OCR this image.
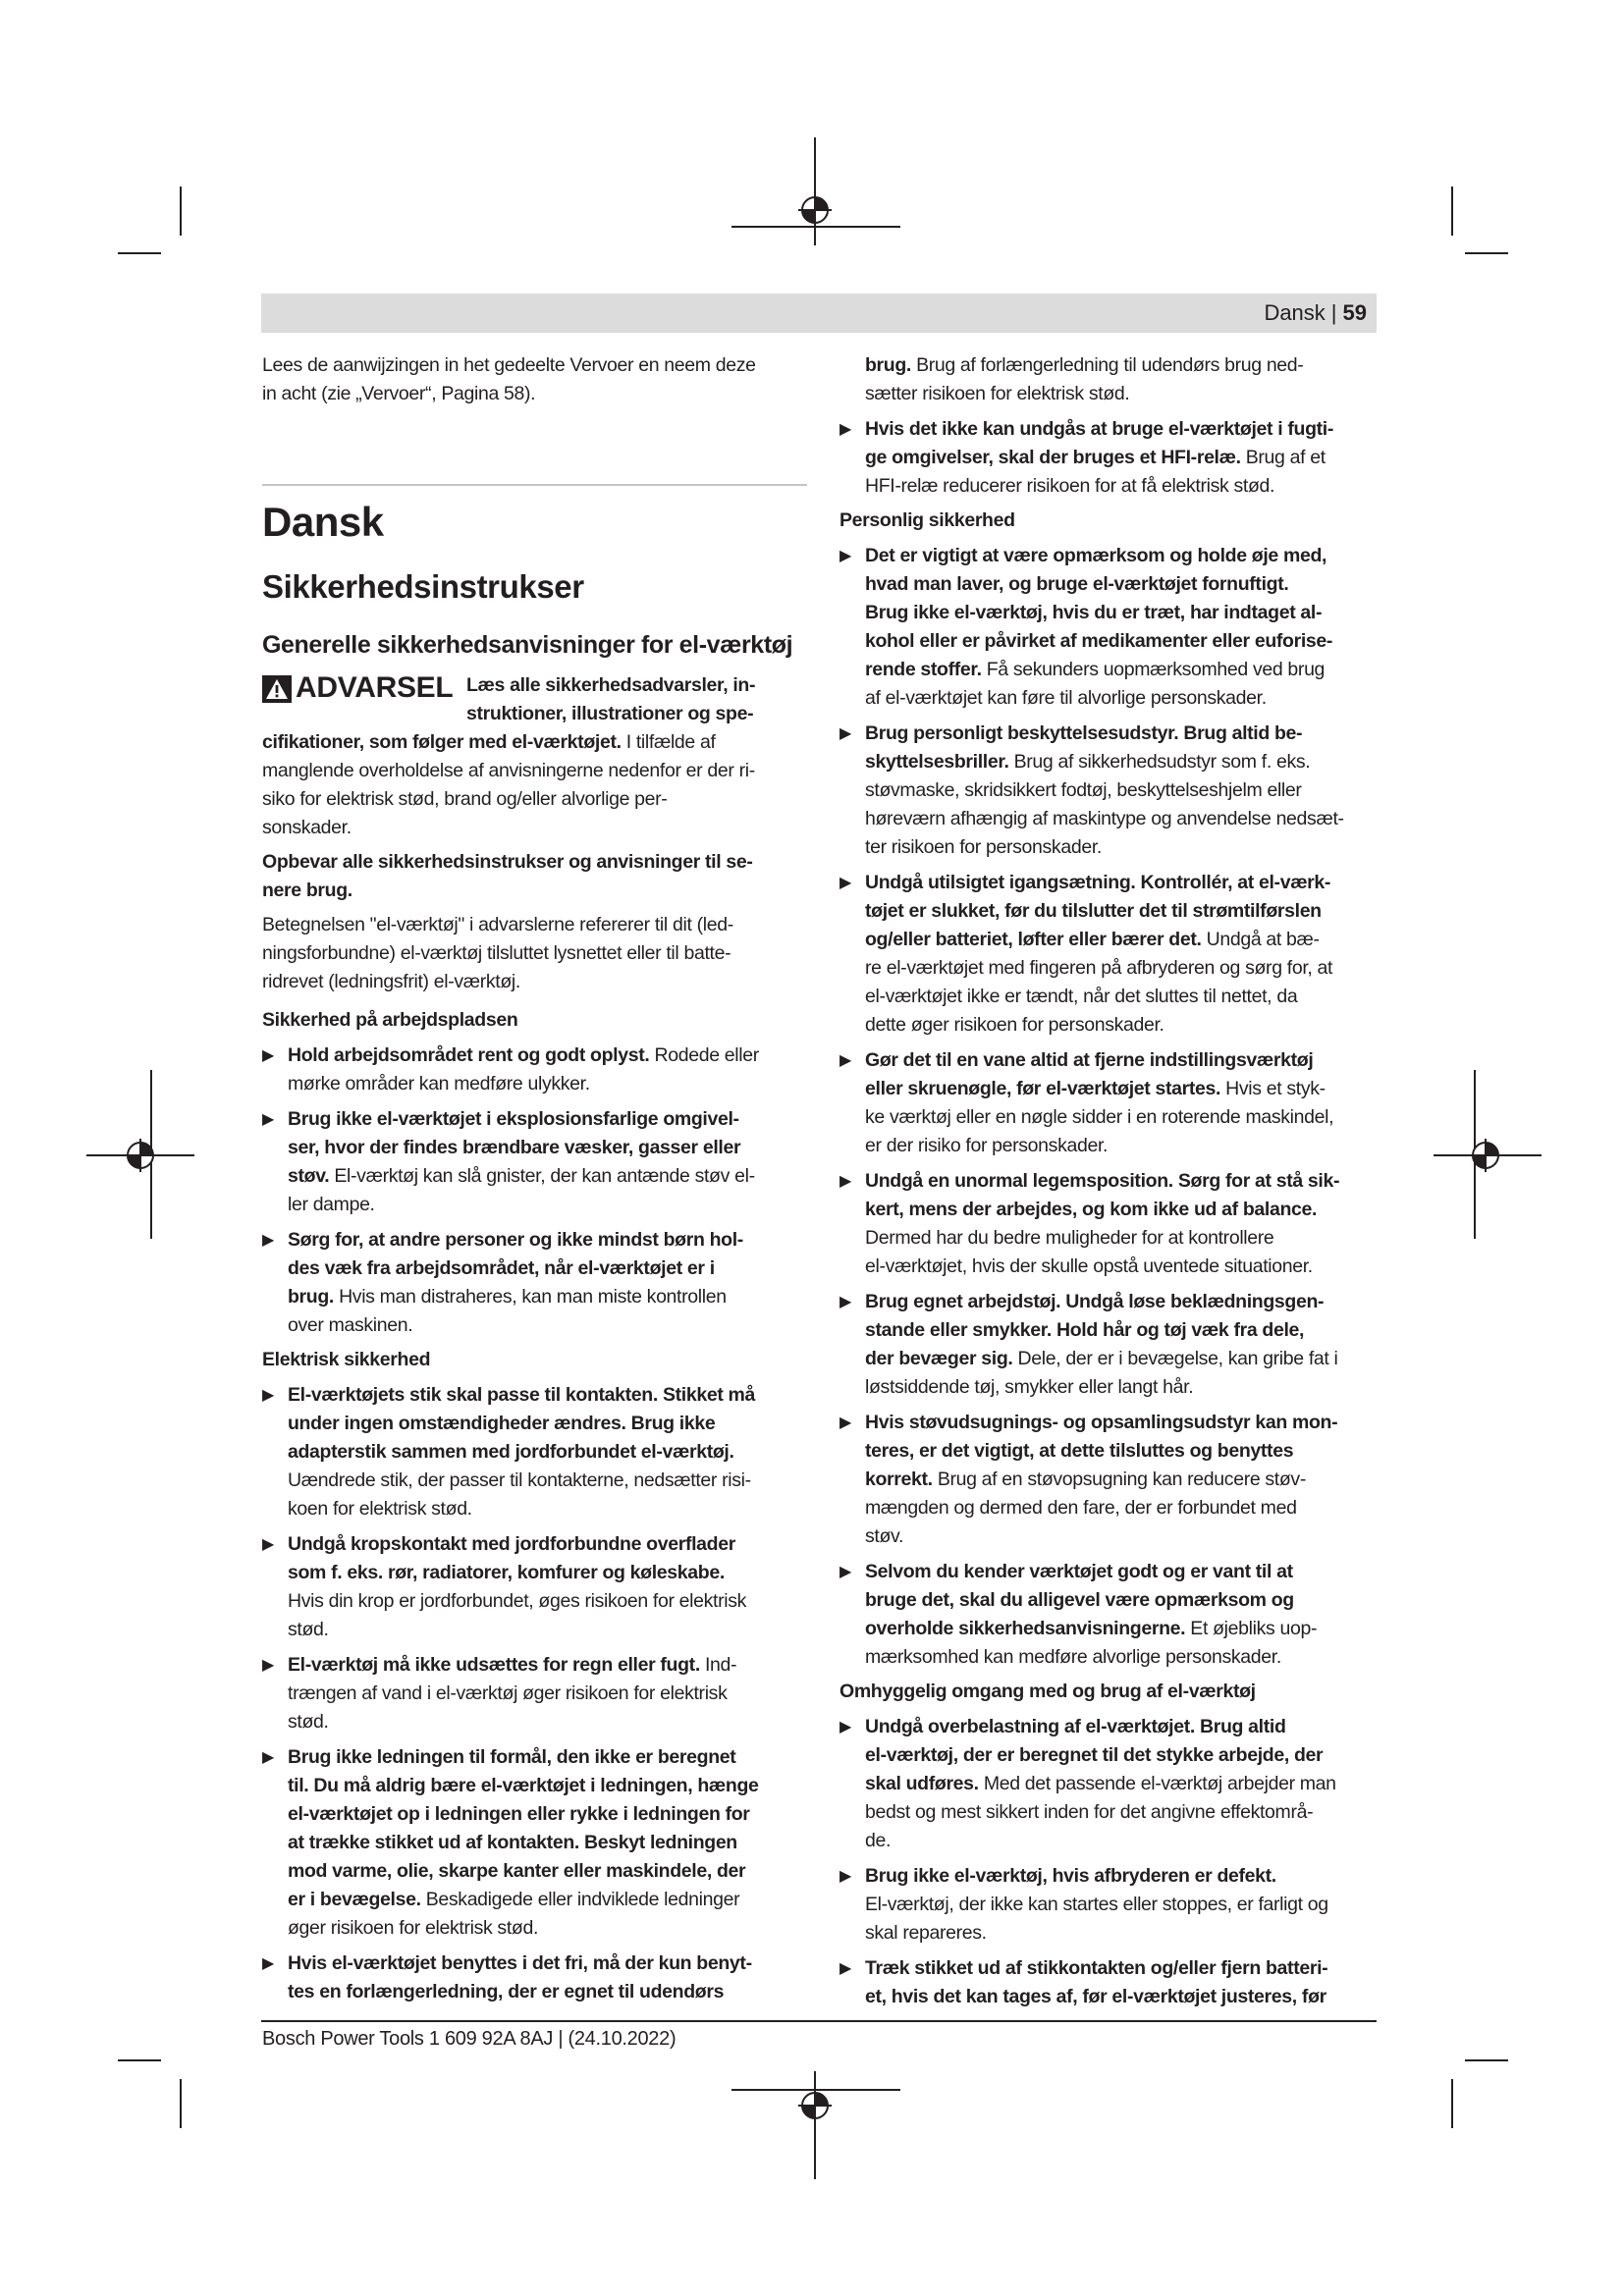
Dansk | 59

Lees de aanwijzingen in het gedeelte Vervoer en neem deze

in acht (zie „Vervoer“, Pagina 58).

Dansk

Sikkerhedsinstrukser

Generelle sikkerhedsanvisninger for el-værktøj

ADVARSEL Læs alle sikkerhedsadvarsler, in-

struktioner, illustrationer og spe-

cifikationer, som følger med el-værktøjet. I tilfælde af

manglende overholdelse af anvisningerne nedenfor er der ri-

siko for elektrisk stød, brand og/eller alvorlige per-

sonskader.

Opbevar alle sikkerhedsinstrukser og anvisninger til se-

nere brug.

Betegnelsen "el-værktøj" i advarslerne refererer til dit (led-

ningsforbundne) el-værktøj tilsluttet lysnettet eller til batte-

ridrevet (ledningsfrit) el-værktøj.

Sikkerhed på arbejdspladsen

▶ Hold arbejdsområdet rent og godt oplyst. Rodede eller

mørke områder kan medføre ulykker.

▶ Brug ikke el-værktøjet i eksplosionsfarlige omgivel-

ser, hvor der findes brændbare væsker, gasser eller

støv. El-værktøj kan slå gnister, der kan antænde støv el-

ler dampe.

▶ Sørg for, at andre personer og ikke mindst børn hol-

des væk fra arbejdsområdet, når el-værktøjet er i

brug. Hvis man distraheres, kan man miste kontrollen

over maskinen.

Elektrisk sikkerhed

▶ El-værktøjets stik skal passe til kontakten. Stikket må

under ingen omstændigheder ændres. Brug ikke

adapterstik sammen med jordforbundet el-værktøj.

Uændrede stik, der passer til kontakterne, nedsætter risi-

koen for elektrisk stød.

▶ Undgå kropskontakt med jordforbundne overflader

som f. eks. rør, radiatorer, komfurer og køleskabe.

Hvis din krop er jordforbundet, øges risikoen for elektrisk

stød.

▶ El-værktøj må ikke udsættes for regn eller fugt. Ind-

trængen af vand i el-værktøj øger risikoen for elektrisk

stød.

▶ Brug ikke ledningen til formål, den ikke er beregnet

til. Du må aldrig bære el-værktøjet i ledningen, hænge

el-værktøjet op i ledningen eller rykke i ledningen for

at trække stikket ud af kontakten. Beskyt ledningen

mod varme, olie, skarpe kanter eller maskindele, der

er i bevægelse. Beskadigede eller indviklede ledninger

øger risikoen for elektrisk stød.

▶ Hvis el-værktøjet benyttes i det fri, må der kun benyt-

tes en forlængerledning, der er egnet til udendørs

brug. Brug af forlængerledning til udendørs brug ned-

sætter risikoen for elektrisk stød.

▶ Hvis det ikke kan undgås at bruge el-værktøjet i fugti-

ge omgivelser, skal der bruges et HFI-relæ. Brug af et

HFI-relæ reducerer risikoen for at få elektrisk stød.

Personlig sikkerhed

▶ Det er vigtigt at være opmærksom og holde øje med,

hvad man laver, og bruge el-værktøjet fornuftigt.

Brug ikke el-værktøj, hvis du er træt, har indtaget al-

kohol eller er påvirket af medikamenter eller euforise-

rende stoffer. Få sekunders uopmærksomhed ved brug

af el-værktøjet kan føre til alvorlige personskader.

▶ Brug personligt beskyttelsesudstyr. Brug altid be-

skyttelsesbriller. Brug af sikkerhedsudstyr som f. eks.

støvmaske, skridsikkert fodtøj, beskyttelseshjelm eller

høreværn afhængig af maskintype og anvendelse nedsæt-

ter risikoen for personskader.

▶ Undgå utilsigtet igangsætning. Kontrollér, at el-værk-

tøjet er slukket, før du tilslutter det til strømtilførslen

og/eller batteriet, løfter eller bærer det. Undgå at bæ-

re el-værktøjet med fingeren på afbryderen og sørg for, at

el-værktøjet ikke er tændt, når det sluttes til nettet, da

dette øger risikoen for personskader.

▶ Gør det til en vane altid at fjerne indstillingsværktøj

eller skruenøgle, før el-værktøjet startes. Hvis et styk-

ke værktøj eller en nøgle sidder i en roterende maskindel,

er der risiko for personskader.

▶ Undgå en unormal legemsposition. Sørg for at stå sik-

kert, mens der arbejdes, og kom ikke ud af balance.

Dermed har du bedre muligheder for at kontrollere

el-værktøjet, hvis der skulle opstå uventede situationer.

▶ Brug egnet arbejdstøj. Undgå løse beklædningsgen-

stande eller smykker. Hold hår og tøj væk fra dele,

der bevæger sig. Dele, der er i bevægelse, kan gribe fat i

løstsiddende tøj, smykker eller langt hår.

▶ Hvis støvudsugnings- og opsamlingsudstyr kan mon-

teres, er det vigtigt, at dette tilsluttes og benyttes

korrekt. Brug af en støvopsugning kan reducere støv-

mængden og dermed den fare, der er forbundet med

støv.

▶ Selvom du kender værktøjet godt og er vant til at

bruge det, skal du alligevel være opmærksom og

overholde sikkerhedsanvisningerne. Et øjebliks uop-

mærksomhed kan medføre alvorlige personskader.

Omhyggelig omgang med og brug af el-værktøj

▶ Undgå overbelastning af el-værktøjet. Brug altid

el-værktøj, der er beregnet til det stykke arbejde, der

skal udføres. Med det passende el-værktøj arbejder man

bedst og mest sikkert inden for det angivne effektområ-

de.

▶ Brug ikke el-værktøj, hvis afbryderen er defekt.

El-værktøj, der ikke kan startes eller stoppes, er farligt og

skal repareres.

▶ Træk stikket ud af stikkontakten og/eller fjern batteri-

et, hvis det kan tages af, før el-værktøjet justeres, før

Bosch Power Tools 1 609 92A 8AJ | (24.10.2022)
